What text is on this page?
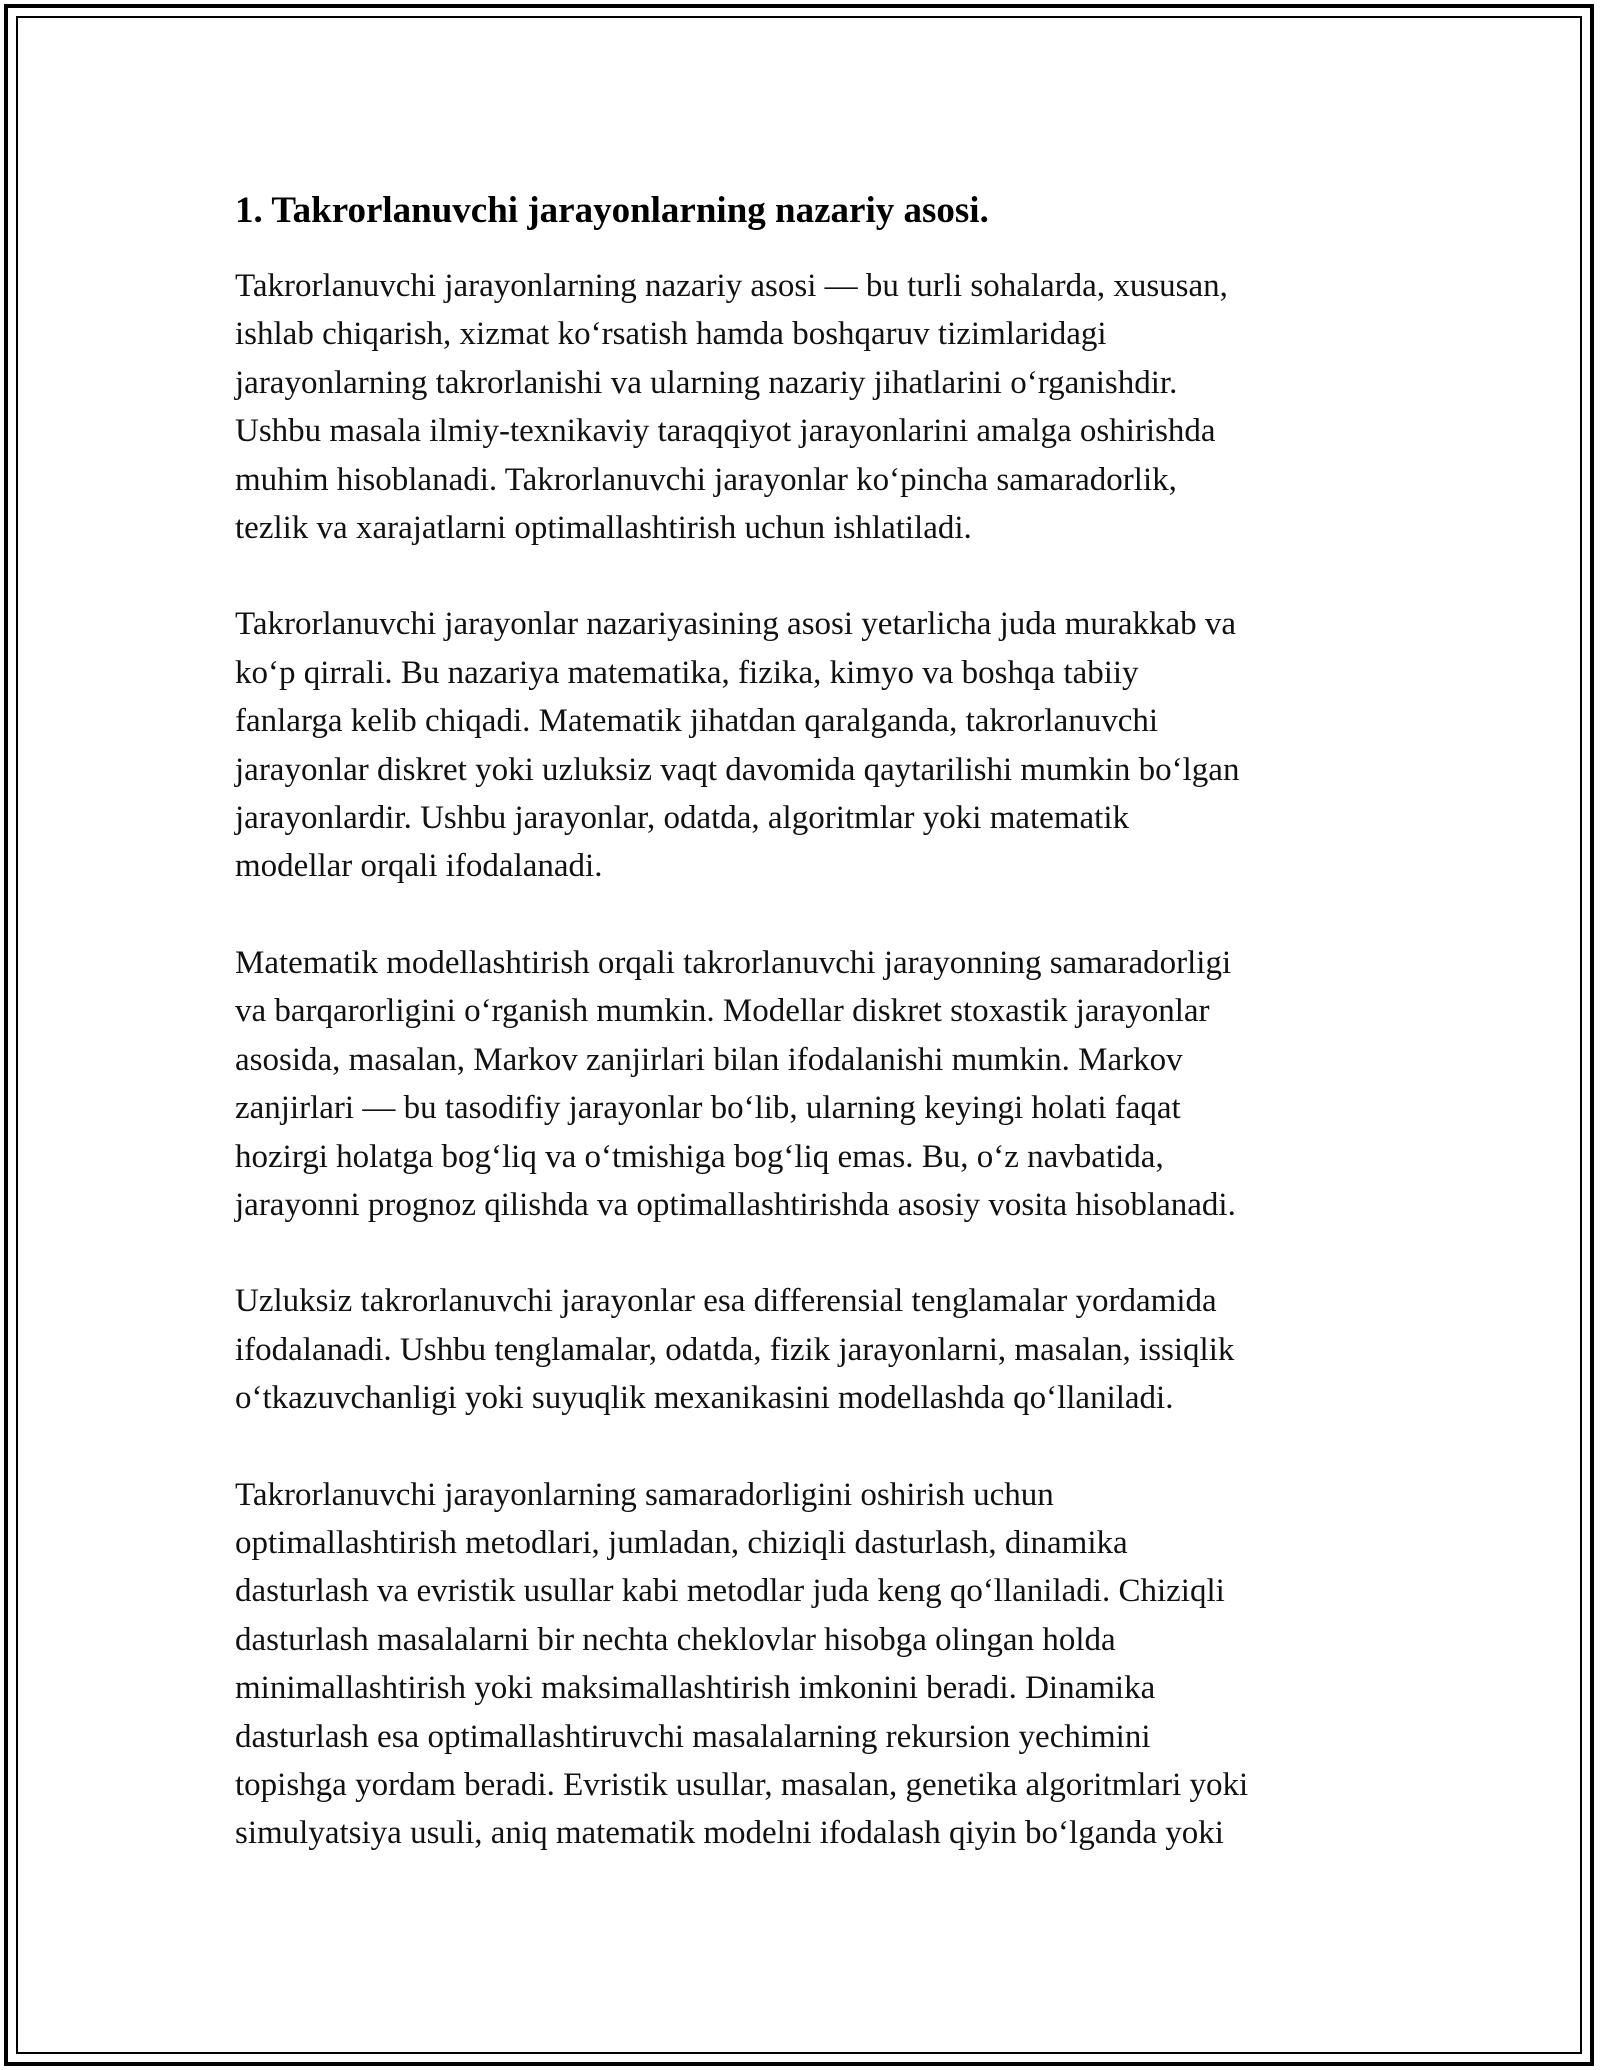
1. Takrorlanuvchi jarayonlarning nazariy asosi.

Takrorlanuvchi jarayonlarning nazariy asosi — bu turli sohalarda, xususan,
ishlab chiqarish, xizmat ko‘rsatish hamda boshqaruv tizimlaridagi
jarayonlarning takrorlanishi va ularning nazariy jihatlarini o‘rganishdir.
Ushbu masala ilmiy-texnikaviy taraqqiyot jarayonlarini amalga oshirishda
muhim hisoblanadi. Takrorlanuvchi jarayonlar ko‘pincha samaradorlik,
tezlik va xarajatlarni optimallashtirish uchun ishlatiladi.

Takrorlanuvchi jarayonlar nazariyasining asosi yetarlicha juda murakkab va
ko‘p qirrali. Bu nazariya matematika, fizika, kimyo va boshqa tabiiy
fanlarga kelib chiqadi. Matematik jihatdan qaralganda, takrorlanuvchi
jarayonlar diskret yoki uzluksiz vaqt davomida qaytarilishi mumkin bo‘lgan
jarayonlardir. Ushbu jarayonlar, odatda, algoritmlar yoki matematik
modellar orqali ifodalanadi.

Matematik modellashtirish orqali takrorlanuvchi jarayonning samaradorligi
va barqarorligini o‘rganish mumkin. Modellar diskret stoxastik jarayonlar
asosida, masalan, Markov zanjirlari bilan ifodalanishi mumkin. Markov
zanjirlari — bu tasodifiy jarayonlar bo‘lib, ularning keyingi holati faqat
hozirgi holatga bog‘liq va o‘tmishiga bog‘liq emas. Bu, o‘z navbatida,
jarayonni prognoz qilishda va optimallashtirishda asosiy vosita hisoblanadi.

Uzluksiz takrorlanuvchi jarayonlar esa differensial tenglamalar yordamida
ifodalanadi. Ushbu tenglamalar, odatda, fizik jarayonlarni, masalan, issiqlik
o‘tkazuvchanligi yoki suyuqlik mexanikasini modellashda qo‘llaniladi.

Takrorlanuvchi jarayonlarning samaradorligini oshirish uchun
optimallashtirish metodlari, jumladan, chiziqli dasturlash, dinamika
dasturlash va evristik usullar kabi metodlar juda keng qo‘llaniladi. Chiziqli
dasturlash masalalarni bir nechta cheklovlar hisobga olingan holda
minimallashtirish yoki maksimallashtirish imkonini beradi. Dinamika
dasturlash esa optimallashtiruvchi masalalarning rekursion yechimini
topishga yordam beradi. Evristik usullar, masalan, genetika algoritmlari yoki
simulyatsiya usuli, aniq matematik modelni ifodalash qiyin bo‘lganda yoki
